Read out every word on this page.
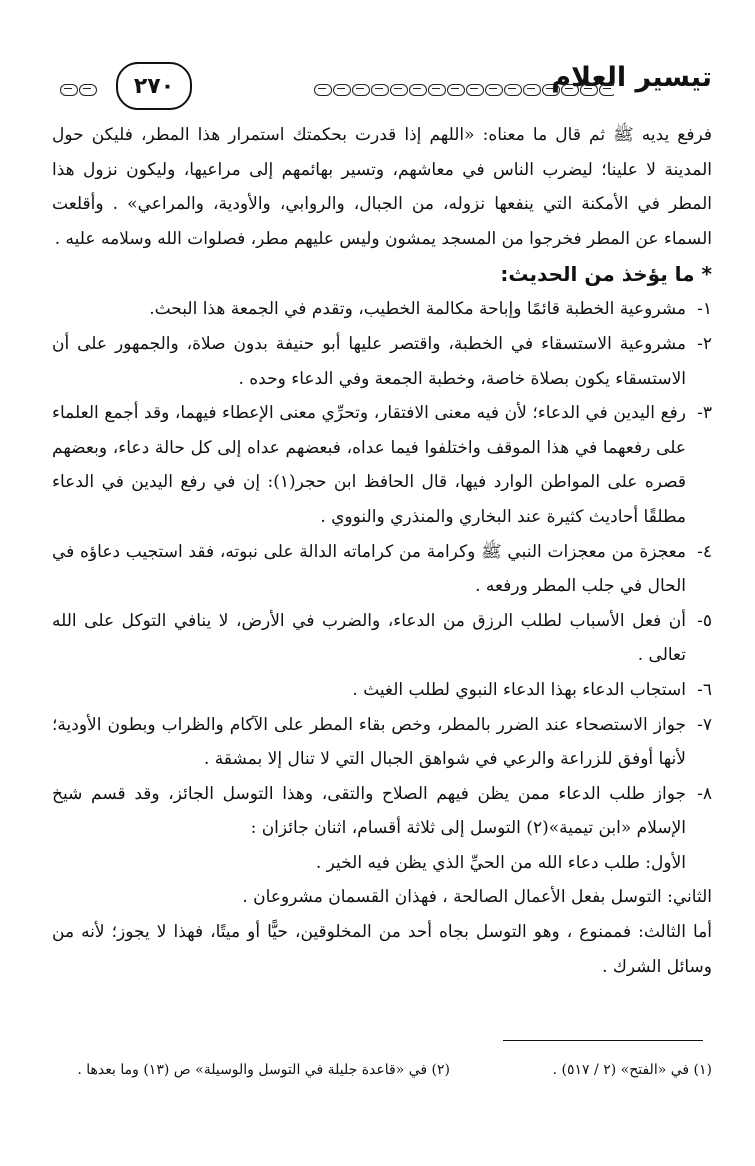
تيسير العلام
٢٧٠

فرفع يديه ﷺ ثم قال ما معناه: «اللهم إذا قدرت بحكمتك استمرار هذا المطر، فليكن حول المدينة لا علينا؛ ليضرب الناس في معاشهم، وتسير بهائمهم إلى مراعيها، وليكون نزول هذا المطر في الأمكنة التي ينفعها نزوله، من الجبال، والروابي، والأودية، والمراعي» . وأقلعت السماء عن المطر فخرجوا من المسجد يمشون وليس عليهم مطر، فصلوات الله وسلامه عليه .

* ما يؤخذ من الحديث:

١-
مشروعية الخطبة قائمًا وإباحة مكالمة الخطيب، وتقدم في الجمعة هذا البحث.
٢-
مشروعية الاستسقاء في الخطبة، واقتصر عليها أبو حنيفة بدون صلاة، والجمهور على أن الاستسقاء يكون بصلاة خاصة، وخطبة الجمعة وفي الدعاء وحده .
٣-
رفع اليدين في الدعاء؛ لأن فيه معنى الافتقار، وتحرِّي معنى الإعطاء فيهما، وقد أجمع العلماء على رفعهما في هذا الموقف واختلفوا فيما عداه، فبعضهم عداه إلى كل حالة دعاء، وبعضهم قصره على المواطن الوارد فيها، قال الحافظ ابن حجر(١): إن في رفع اليدين في الدعاء مطلقًا أحاديث كثيرة عند البخاري والمنذري والنووي .
٤-
معجزة من معجزات النبي ﷺ وكرامة من كراماته الدالة على نبوته، فقد استجيب دعاؤه في الحال في جلب المطر ورفعه .
٥-
أن فعل الأسباب لطلب الرزق من الدعاء، والضرب في الأرض، لا ينافي التوكل على الله تعالى .
٦-
استجاب الدعاء بهذا الدعاء النبوي لطلب الغيث .
٧-
جواز الاستصحاء عند الضرر بالمطر، وخص بقاء المطر على الآكام والظراب وبطون الأودية؛ لأنها أوفق للزراعة والرعي في شواهق الجبال التي لا تنال إلا بمشقة .
٨-
جواز طلب الدعاء ممن يظن فيهم الصلاح والتقى، وهذا التوسل الجائز، وقد قسم شيخ الإسلام «ابن تيمية»(٢) التوسل إلى ثلاثة أقسام، اثنان جائزان :

الأول: طلب دعاء الله من الحيِّ الذي يظن فيه الخير .

الثاني: التوسل بفعل الأعمال الصالحة ، فهذان القسمان مشروعان .

أما الثالث: فممنوع ، وهو التوسل بجاه أحد من المخلوقين، حيًّا أو ميتًا، فهذا لا يجوز؛ لأنه من وسائل الشرك .

(١) في «الفتح» (٢ / ٥١٧) .
(٢) في «قاعدة جليلة في التوسل والوسيلة» ص (١٣) وما بعدها .
